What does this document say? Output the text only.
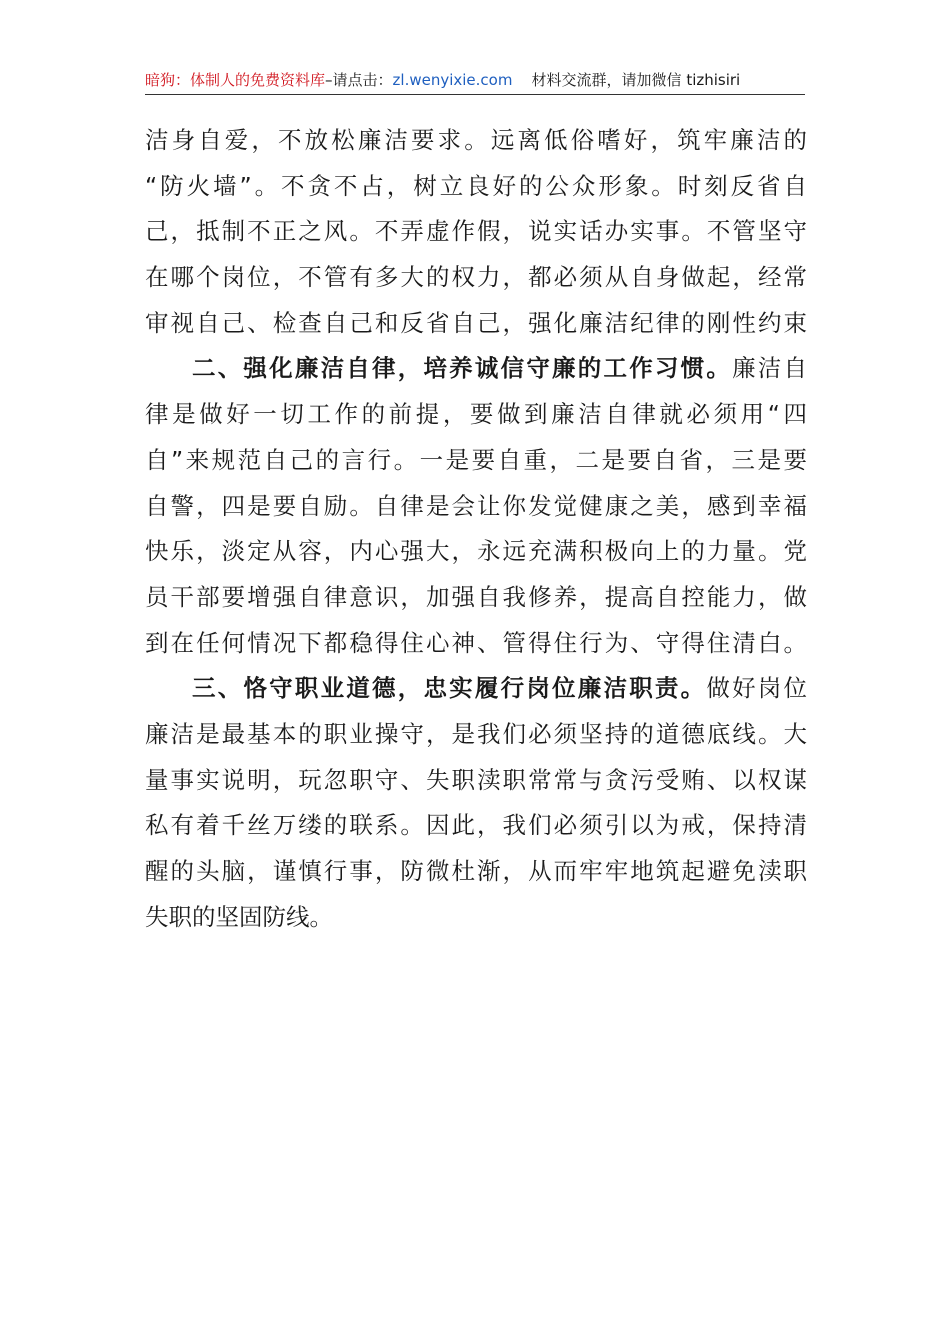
暗狗：体制人的免费资料库–请点击：zl.wenyixie.com 材料交流群，请加微信 tizhisiri
洁身自爱，不放松廉洁要求。远离低俗嗜好，筑牢廉洁的
“防火墙”。不贪不占，树立良好的公众形象。时刻反省自
己，抵制不正之风。不弄虚作假，说实话办实事。不管坚守
在哪个岗位，不管有多大的权力，都必须从自身做起，经常
审视自己、检查自己和反省自己，强化廉洁纪律的刚性约束
二、强化廉洁自律，培养诚信守廉的工作习惯。廉洁自
律是做好一切工作的前提，要做到廉洁自律就必须用“四
自”来规范自己的言行。一是要自重，二是要自省，三是要
自警，四是要自励。自律是会让你发觉健康之美，感到幸福
快乐，淡定从容，内心强大，永远充满积极向上的力量。党
员干部要增强自律意识，加强自我修养，提高自控能力，做
到在任何情况下都稳得住心神、管得住行为、守得住清白。
三、恪守职业道德，忠实履行岗位廉洁职责。做好岗位
廉洁是最基本的职业操守，是我们必须坚持的道德底线。大
量事实说明，玩忽职守、失职渎职常常与贪污受贿、以权谋
私有着千丝万缕的联系。因此，我们必须引以为戒，保持清
醒的头脑，谨慎行事，防微杜渐，从而牢牢地筑起避免渎职
失职的坚固防线。
